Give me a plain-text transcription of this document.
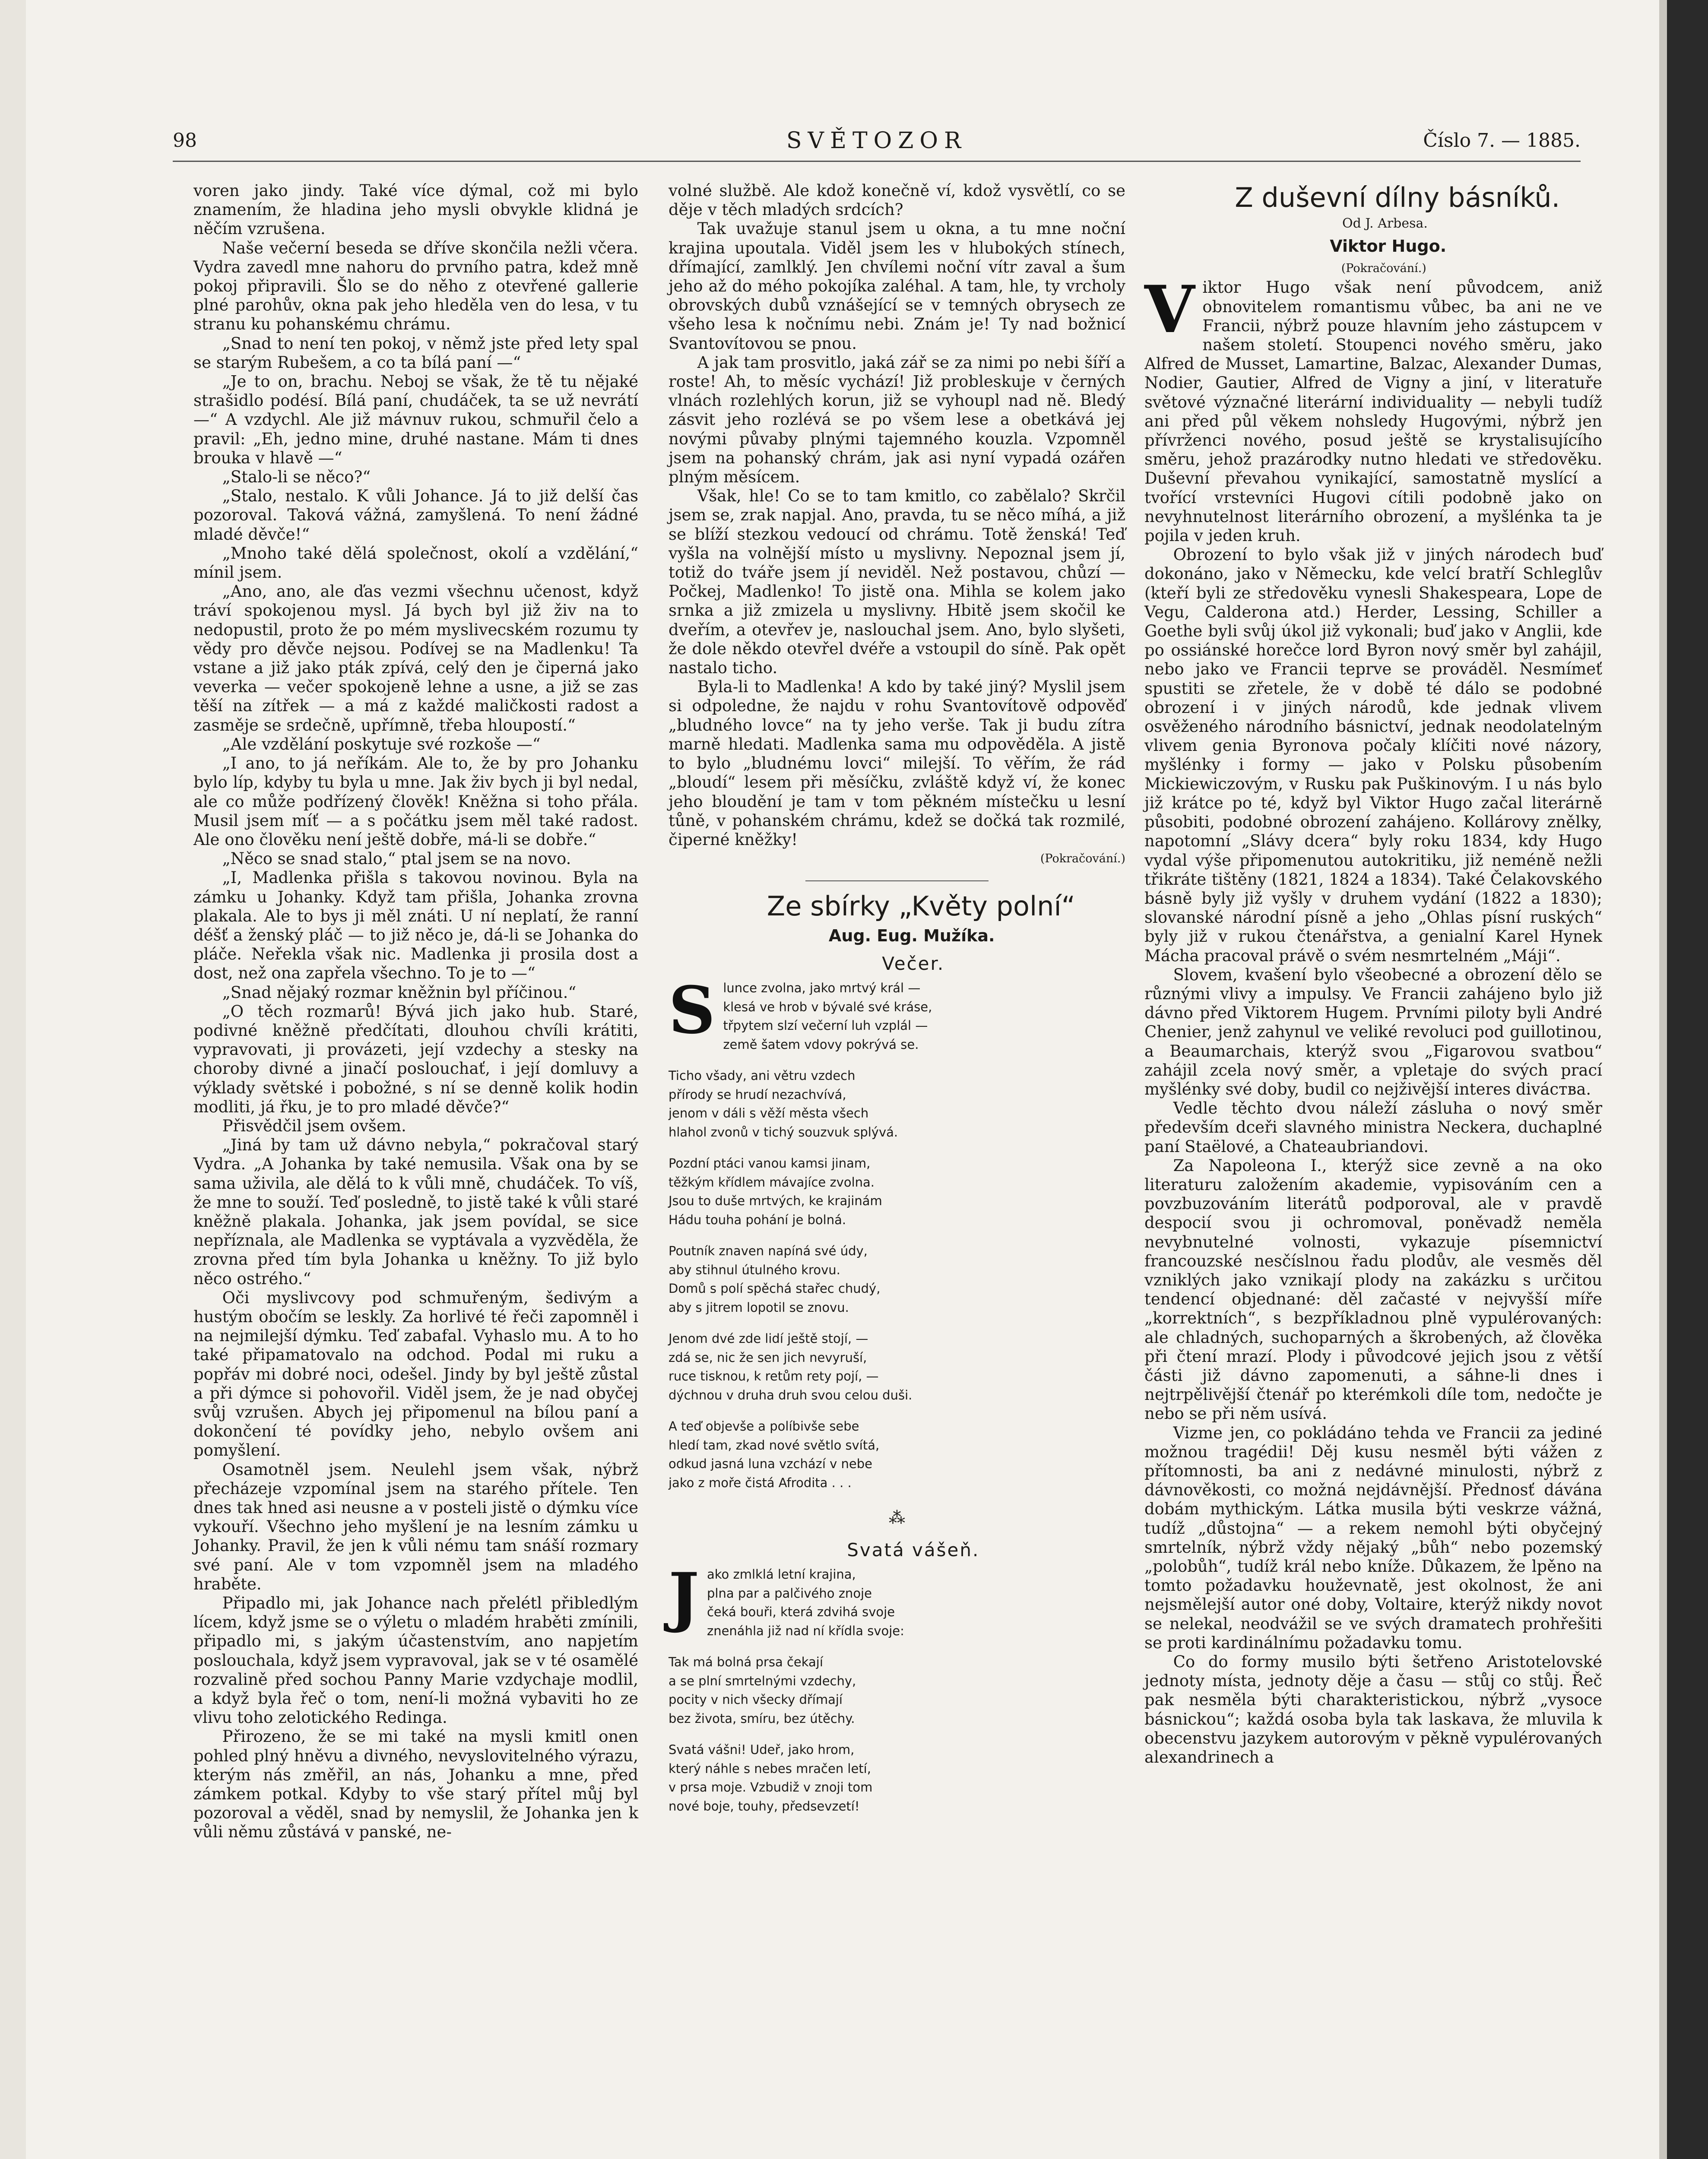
98	SVĚTOZOR	Číslo 7. — 1885.

voren jako jindy. Také více dýmal, což mi bylo znamením, že hladina jeho mysli obvykle klidná je něčím vzrušena.

Naše večerní beseda se dříve skončila nežli včera. Vydra zavedl mne nahoru do prvního patra, kdež mně pokoj připravili. Šlo se do něho z otevřené gallerie plné parohův, okna pak jeho hleděla ven do lesa, v tu stranu ku pohanskému chrámu.

„Snad to není ten pokoj, v němž jste před lety spal se starým Rubešem, a co ta bílá paní —“

„Je to on, brachu. Neboj se však, že tě tu nějaké strašidlo podésí. Bílá paní, chudáček, ta se už nevrátí —“ A vzdychl. Ale již mávnuv rukou, schmuřil čelo a pravil: „Eh, jedno mine, druhé nastane. Mám ti dnes brouka v hlavě —“

„Stalo-li se něco?“

„Stalo, nestalo. K vůli Johance. Já to již delší čas pozoroval. Taková vážná, zamyšlená. To není žádné mladé děvče!“

„Mnoho také dělá společnost, okolí a vzdělání,“ mínil jsem.

„Ano, ano, ale ďas vezmi všechnu učenost, když tráví spokojenou mysl. Já bych byl již živ na to nedopustil, proto že po mém myslivecském rozumu ty vědy pro děvče nejsou. Podívej se na Madlenku! Ta vstane a již jako pták zpívá, celý den je čiperná jako veverka — večer spokojeně lehne a usne, a již se zas těší na zítřek — a má z každé maličkosti radost a zasměje se srdečně, upřímně, třeba hloupostí.“

„Ale vzdělání poskytuje své rozkoše —“

„I ano, to já neříkám. Ale to, že by pro Johanku bylo líp, kdyby tu byla u mne. Jak živ bych ji byl nedal, ale co může podřízený člověk! Kněžna si toho přála. Musil jsem míť — a s počátku jsem měl také radost. Ale ono člověku není ještě dobře, má-li se dobře.“

„Něco se snad stalo,“ ptal jsem se na novo.

„I, Madlenka přišla s takovou novinou. Byla na zámku u Johanky. Když tam přišla, Johanka zrovna plakala. Ale to bys ji měl znáti. U ní neplatí, že ranní déšť a ženský pláč — to již něco je, dá-li se Johanka do pláče. Neřekla však nic. Madlenka ji prosila dost a dost, než ona zapřela všechno. To je to —“

„Snad nějaký rozmar kněžnin byl příčinou.“

„O těch rozmarů! Bývá jich jako hub. Staré, podivné kněžně předčítati, dlouhou chvíli krátiti, vypravovati, ji provázeti, její vzdechy a stesky na choroby divné a jinačí poslouchať, i její domluvy a výklady světské i pobožné, s ní se denně kolik hodin modliti, já řku, je to pro mladé děvče?“

Přisvědčil jsem ovšem.

„Jiná by tam už dávno nebyla,“ pokračoval starý Vydra. „A Johanka by také nemusila. Však ona by se sama uživila, ale dělá to k vůli mně, chudáček. To víš, že mne to souží. Teď posledně, to jistě také k vůli staré kněžně plakala. Johanka, jak jsem povídal, se sice nepříznala, ale Madlenka se vyptávala a vyzvěděla, že zrovna před tím byla Johanka u kněžny. To již bylo něco ostrého.“

Oči myslivcovy pod schmuřeným, šedivým a hustým obočím se leskly. Za horlivé té řeči zapomněl i na nejmilejší dýmku. Teď zabafal. Vyhaslo mu. A to ho také připamatovalo na odchod. Podal mi ruku a popřáv mi dobré noci, odešel. Jindy by byl ještě zůstal a při dýmce si pohovořil. Viděl jsem, že je nad obyčej svůj vzrušen. Abych jej připomenul na bílou paní a dokončení té povídky jeho, nebylo ovšem ani pomyšlení.

Osamotněl jsem. Neulehl jsem však, nýbrž přecházeje vzpomínal jsem na starého přítele. Ten dnes tak hned asi neusne a v posteli jistě o dýmku více vykouří. Všechno jeho myšlení je na lesním zámku u Johanky. Pravil, že jen k vůli nému tam snáší rozmary své paní. Ale v tom vzpomněl jsem na mladého hraběte.

Připadlo mi, jak Johance nach přelétl přibledlým lícem, když jsme se o výletu o mladém hraběti zmínili, připadlo mi, s jakým účastenstvím, ano napjetím poslouchala, když jsem vypravoval, jak se v té osamělé rozvalině před sochou Panny Marie vzdychaje modlil, a když byla řeč o tom, není-li možná vybaviti ho ze vlivu toho zelotického Redinga.

Přirozeno, že se mi také na mysli kmitl onen pohled plný hněvu a divného, nevyslovitelného výrazu, kterým nás změřil, an nás, Johanku a mne, před zámkem potkal. Kdyby to vše starý přítel můj byl pozoroval a věděl, snad by nemyslil, že Johanka jen k vůli němu zůstává v panské, ne-

volné službě. Ale kdož konečně ví, kdož vysvětlí, co se děje v těch mladých srdcích?

Tak uvažuje stanul jsem u okna, a tu mne noční krajina upoutala. Viděl jsem les v hlubokých stínech, dřímající, zamlklý. Jen chvílemi noční vítr zaval a šum jeho až do mého pokojíka zaléhal. A tam, hle, ty vrcholy obrovských dubů vznášející se v temných obrysech ze všeho lesa k nočnímu nebi. Znám je! Ty nad božnicí Svantovítovou se pnou.

A jak tam prosvitlo, jaká zář se za nimi po nebi šíří a roste! Ah, to měsíc vychází! Již probleskuje v černých vlnách rozlehlých korun, již se vyhoupl nad ně. Bledý zásvit jeho rozlévá se po všem lese a obetkává jej novými půvaby plnými tajemného kouzla. Vzpomněl jsem na pohanský chrám, jak asi nyní vypadá ozářen plným měsícem.

Však, hle! Co se to tam kmitlo, co zabělalo? Skrčil jsem se, zrak napjal. Ano, pravda, tu se něco míhá, a již se blíží stezkou vedoucí od chrámu. Totě ženská! Teď vyšla na volnější místo u myslivny. Nepoznal jsem jí, totiž do tváře jsem jí neviděl. Než postavou, chůzí — Počkej, Madlenko! To jistě ona. Mihla se kolem jako srnka a již zmizela u myslivny. Hbitě jsem skočil ke dveřím, a otevřev je, naslouchal jsem. Ano, bylo slyšeti, že dole někdo otevřel dvéře a vstoupil do síně. Pak opět nastalo ticho.

Byla-li to Madlenka! A kdo by také jiný? Myslil jsem si odpoledne, že najdu v rohu Svantovítově odpověď „bludného lovce“ na ty jeho verše. Tak ji budu zítra marně hledati. Madlenka sama mu odpověděla. A jistě to bylo „bludnému lovci“ milejší. To věřím, že rád „bloudí“ lesem při měsíčku, zvláště když ví, že konec jeho bloudění je tam v tom pěkném místečku u lesní tůně, v pohanském chrámu, kdež se dočká tak rozmilé, čiperné kněžky!

(Pokračování.)

Ze sbírky „Květy polní“

Aug. Eug. Mužíka.

Večer.

S lunce zvolna, jako mrtvý král —
klesá ve hrob v bývalé své krásе,
třpytem slzí večerní luh vzplál —
země šatem vdovy pokrývá se.
Ticho všady, ani větru vzdech
přírody se hrudí nezachvívá,
jenom v dáli s věží města všech
hlahol zvonů v tichý souzvuk splývá.
Pozdní ptáci vanou kamsi jinam,
těžkým křídlem mávajíce zvolna.
Jsou to duše mrtvých, ke krajinám
Hádu touha pohání je bolná.
Poutník znaven napíná své údy,
aby stihnul útulného krovu.
Domů s polí spěchá stařec chudý,
aby s jitrem lopotil se znovu.
Jenom dvé zde lidí ještě stojí, —
zdá se, nic že sen jich nevyruší,
ruce tisknou, k retům rety pojí, —
dýchnou v druha druh svou celou duši.
A teď objevše a políbivše sebe
hledí tam, zkad nové světlo svítá,
odkud jasná luna vzchází v nebe
jako z moře čistá Afrodita . . .
⁂

Svatá vášeň.

J ako zmlklá letní krajina,
plna par a palčivého znoje
čeká bouři, která zdvihá svoje
znenáhla již nad ní křídla svoje:
Tak má bolná prsa čekají
a se plní smrtelnými vzdechy,
pocity v nich všecky dřímají
bez života, smíru, bez útěchy.
Svatá vášni! Udeř, jako hrom,
který náhle s nebes mračen letí,
v prsa moje. Vzbudiž v znoji tom
nové boje, touhy, předsevzetí!

Z duševní dílny básníků.

Od J. Arbesa.

Viktor Hugo.

(Pokračování.)

Viktor Hugo však není původcem, aniž obnovitelem romantismu vůbec, ba ani ne ve Francii, nýbrž pouze hlavním jeho zástupcem v našem století. Stoupenci nového směru, jako Alfred de Musset, Lamartine, Balzac, Alexander Dumas, Nodier, Gautier, Alfred de Vigny a jiní, v literatuře světové význačné literární individuality — nebyli tudíž ani před půl věkem nohsledy Hugovými, nýbrž jen přívrženci nového, posud ještě se krystalisujícího směru, jehož prazárodky nutno hledati ve středověku. Duševní převahou vynikající, samostatně myslící a tvořící vrstevníci Hugovi cítili podobně jako on nevyhnutelnost literárního obrození, a myšlénka ta je pojila v jeden kruh.

Obrození to bylo však již v jiných národech buď dokonáno, jako v Německu, kde velcí bratří Schleglův (kteří byli ze středověku vynesli Shakespeara, Lope de Vegu, Calderona atd.) Herder, Lessing, Schiller a Goethe byli svůj úkol již vykonali; buď jako v Anglii, kde po ossiánské horečce lord Byron nový směr byl zahájil, nebo jako ve Francii teprve se prováděl. Nesmímeť spustiti se zřetele, že v době té dálo se podobné obrození i v jiných národů, kde jednak vlivem osvěženého národního básnictví, jednak neodolatelným vlivem genia Byronova počaly klíčiti nové názory, myšlénky i formy — jako v Polsku působením Mickiewiczovým, v Rusku pak Puškinovým. I u nás bylo již krátce po té, když byl Viktor Hugo začal literárně působiti, podobné obrození zahájeno. Kollárovy znělky, napotomní „Slávy dcera“ byly roku 1834, kdy Hugo vydal výše připomenutou autokritiku, již neméně nežli třikráte tištěny (1821, 1824 a 1834). Také Čelakovského básně byly již vyšly v druhem vydání (1822 a 1830); slovanské národní písně a jeho „Ohlas písní ruských“ byly již v rukou čtenářstva, a genialní Karel Hynek Mácha pracoval právě o svém nesmrtelném „Máji“.

Slovem, kvašení bylo všeobecné a obrození dělo se různými vlivy a impulsy. Ve Francii zahájeno bylo již dávno před Viktorem Hugem. Prvními piloty byli André Chenier, jenž zahynul ve veliké revoluci pod guillotinou, a Beaumarchais, kterýž svou „Figarovou svatbou“ zahájil zcela nový směr, a vpletaje do svých prací myšlénky své doby, budil co nejživější interes divácтва.

Vedle těchto dvou náleží zásluha o nový směr především dceři slavného ministra Neckera, duchaplné paní Staëlové, a Chateaubriandovi.

Za Napoleona I., kterýž sice zevně a na oko literaturu založením akademie, vypisováním cen a povzbuzováním literátů podporoval, ale v pravdě despocií svou ji ochromoval, poněvadž neměla nevybnutelné volnosti, vykazuje písemnictví francouzské nesčíslnou řadu plodův, ale vesměs děl vzniklých jako vznikají plody na zakázku s určitou tendencí objednané: děl začasté v nejvyšší míře „korrektních“, s bezpříkladnou plně vypulérovaných: ale chladných, suchoparných a škrobených, až člověka při čtení mrazí. Plody i původcové jejich jsou z větší části již dávno zapomenuti, a sáhne-li dnes i nejtrpělivější čtenář po kterémkoli díle tom, nedočte je nebo se při něm usívá.

Vizme jen, co pokládáno tehda ve Francii za jediné možnou tragédii! Děj kusu nesměl býti vážen z přítomnosti, ba ani z nedávné minulosti, nýbrž z dávnověkosti, co možná nejdávnější. Přednosť dávána dobám mythickým. Látka musila býti veskrze vážná, tudíž „důstojna“ — a rekem nemohl býti obyčejný smrtelník, nýbrž vždy nějaký „bůh“ nebo pozemský „polobůh“, tudíž král nebo kníže. Důkazem, že lpěno na tomto požadavku houževnatě, jest okolnost, že ani nejsmělejší autor oné doby, Voltaire, kterýž nikdy novot se nelekal, neodvážil se ve svých dramatech prohřešiti se proti kardinálnímu požadavku tomu.

Co do formy musilo býti šetřeno Aristotelovské jednoty místa, jednoty děje a času — stůj co stůj. Řeč pak nesměla býti charakteristickou, nýbrž „vysoce básnickou“; každá osoba byla tak laskava, že mluvila k obecenstvu jazykem autorovým v pěkně vypulérovaných alexandrinech a
